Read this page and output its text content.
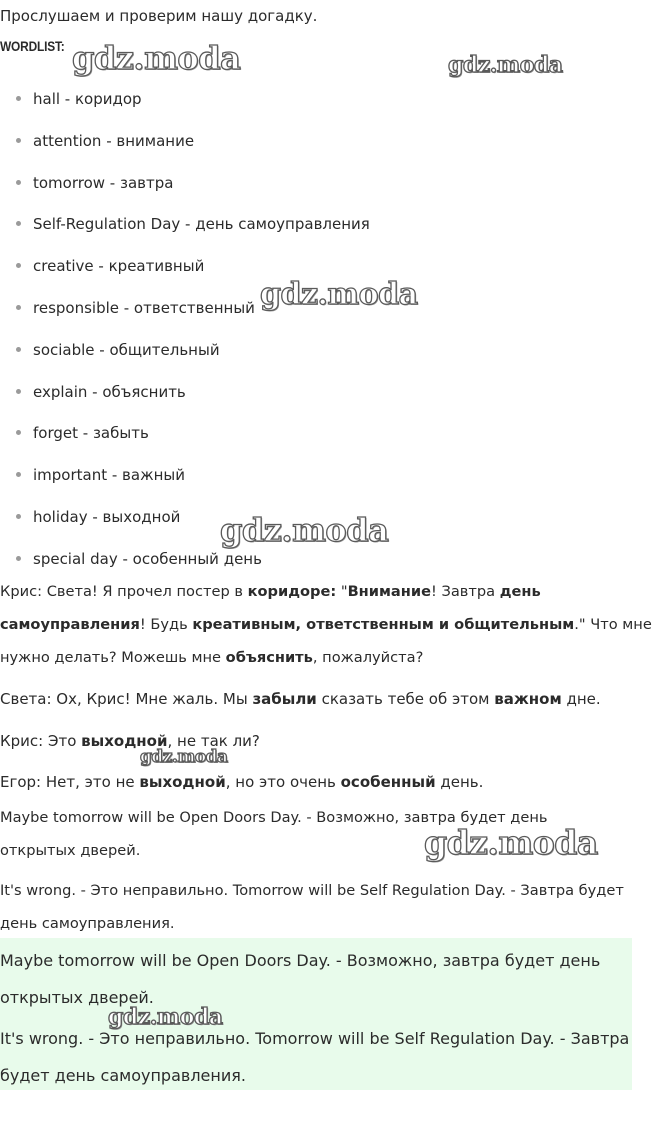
Прослушаем и проверим нашу догадку.
WORDLIST:
hall - коридор
attention - внимание
tomorrow - завтра
Self-Regulation Day - день самоуправления
creative - креативный
responsible - ответственный
sociable - общительный
explain - объяснить
forget - забыть
important - важный
holiday - выходной
special day - особенный день
Крис: Света! Я прочел постер в коридоре: "Внимание! Завтра день
самоуправления! Будь креативным, ответственным и общительным." Что мне
нужно делать? Можешь мне объяснить, пожалуйста?
Света: Ох, Крис! Мне жаль. Мы забыли сказать тебе об этом важном дне.
Крис: Это выходной, не так ли?
Егор: Нет, это не выходной, но это очень особенный день.
Maybe tomorrow will be Open Doors Day. - Возможно, завтра будет день
открытых дверей.
It's wrong. - Это неправильно. Tomorrow will be Self Regulation Day. - Завтра будет
день самоуправления.
Maybe tomorrow will be Open Doors Day. - Возможно, завтра будет день
открытых дверей.
It's wrong. - Это неправильно. Tomorrow will be Self Regulation Day. - Завтра
будет день самоуправления.
gdz.moda	gdz.moda
gdz.moda
gdz.moda
gdz.moda
gdz.moda
gdz.moda
